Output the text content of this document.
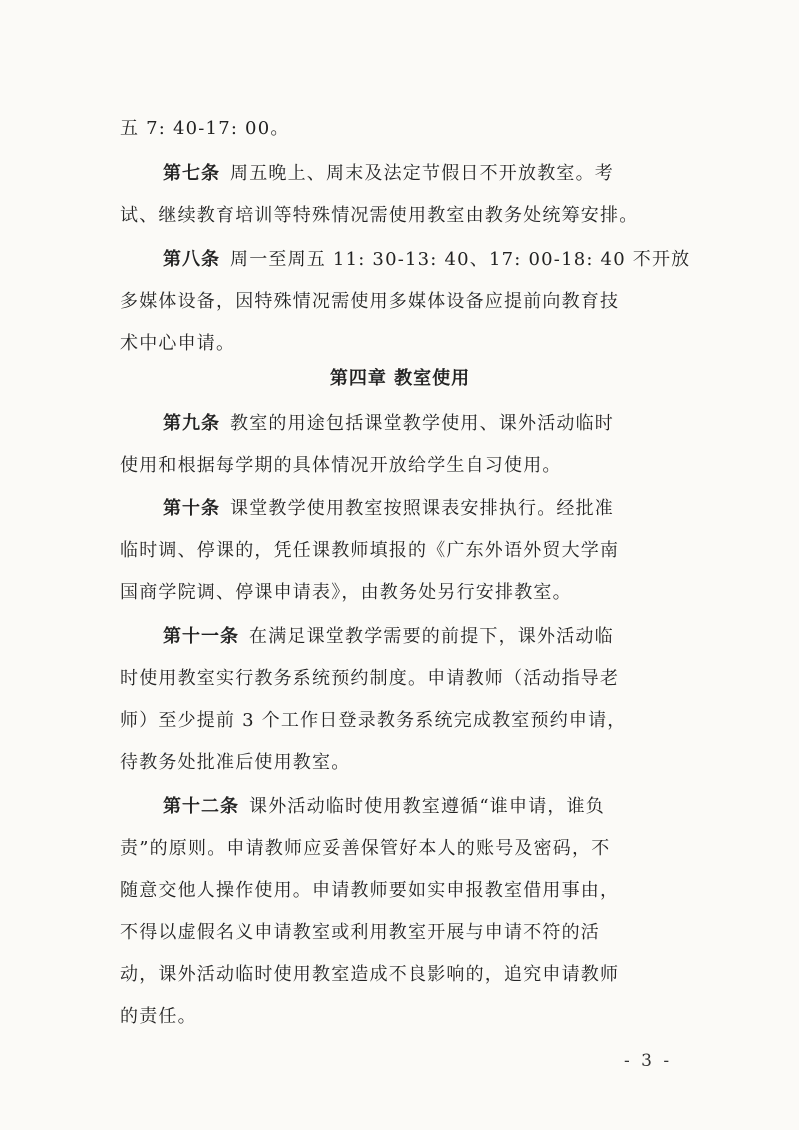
五 7: 40-17: 00。
第七条 周五晚上、周末及法定节假日不开放教室。考
试、继续教育培训等特殊情况需使用教室由教务处统筹安排。
第八条 周一至周五 11: 30-13: 40、17: 00-18: 40 不开放
多媒体设备，因特殊情况需使用多媒体设备应提前向教育技
术中心申请。
第四章 教室使用
第九条 教室的用途包括课堂教学使用、课外活动临时
使用和根据每学期的具体情况开放给学生自习使用。
第十条 课堂教学使用教室按照课表安排执行。经批准
临时调、停课的，凭任课教师填报的《广东外语外贸大学南
国商学院调、停课申请表》，由教务处另行安排教室。
第十一条 在满足课堂教学需要的前提下，课外活动临
时使用教室实行教务系统预约制度。申请教师（活动指导老
师）至少提前 3 个工作日登录教务系统完成教室预约申请，
待教务处批准后使用教室。
第十二条 课外活动临时使用教室遵循“谁申请，谁负
责”的原则。申请教师应妥善保管好本人的账号及密码，不
随意交他人操作使用。申请教师要如实申报教室借用事由，
不得以虚假名义申请教室或利用教室开展与申请不符的活
动，课外活动临时使用教室造成不良影响的，追究申请教师
的责任。
- 3 -
